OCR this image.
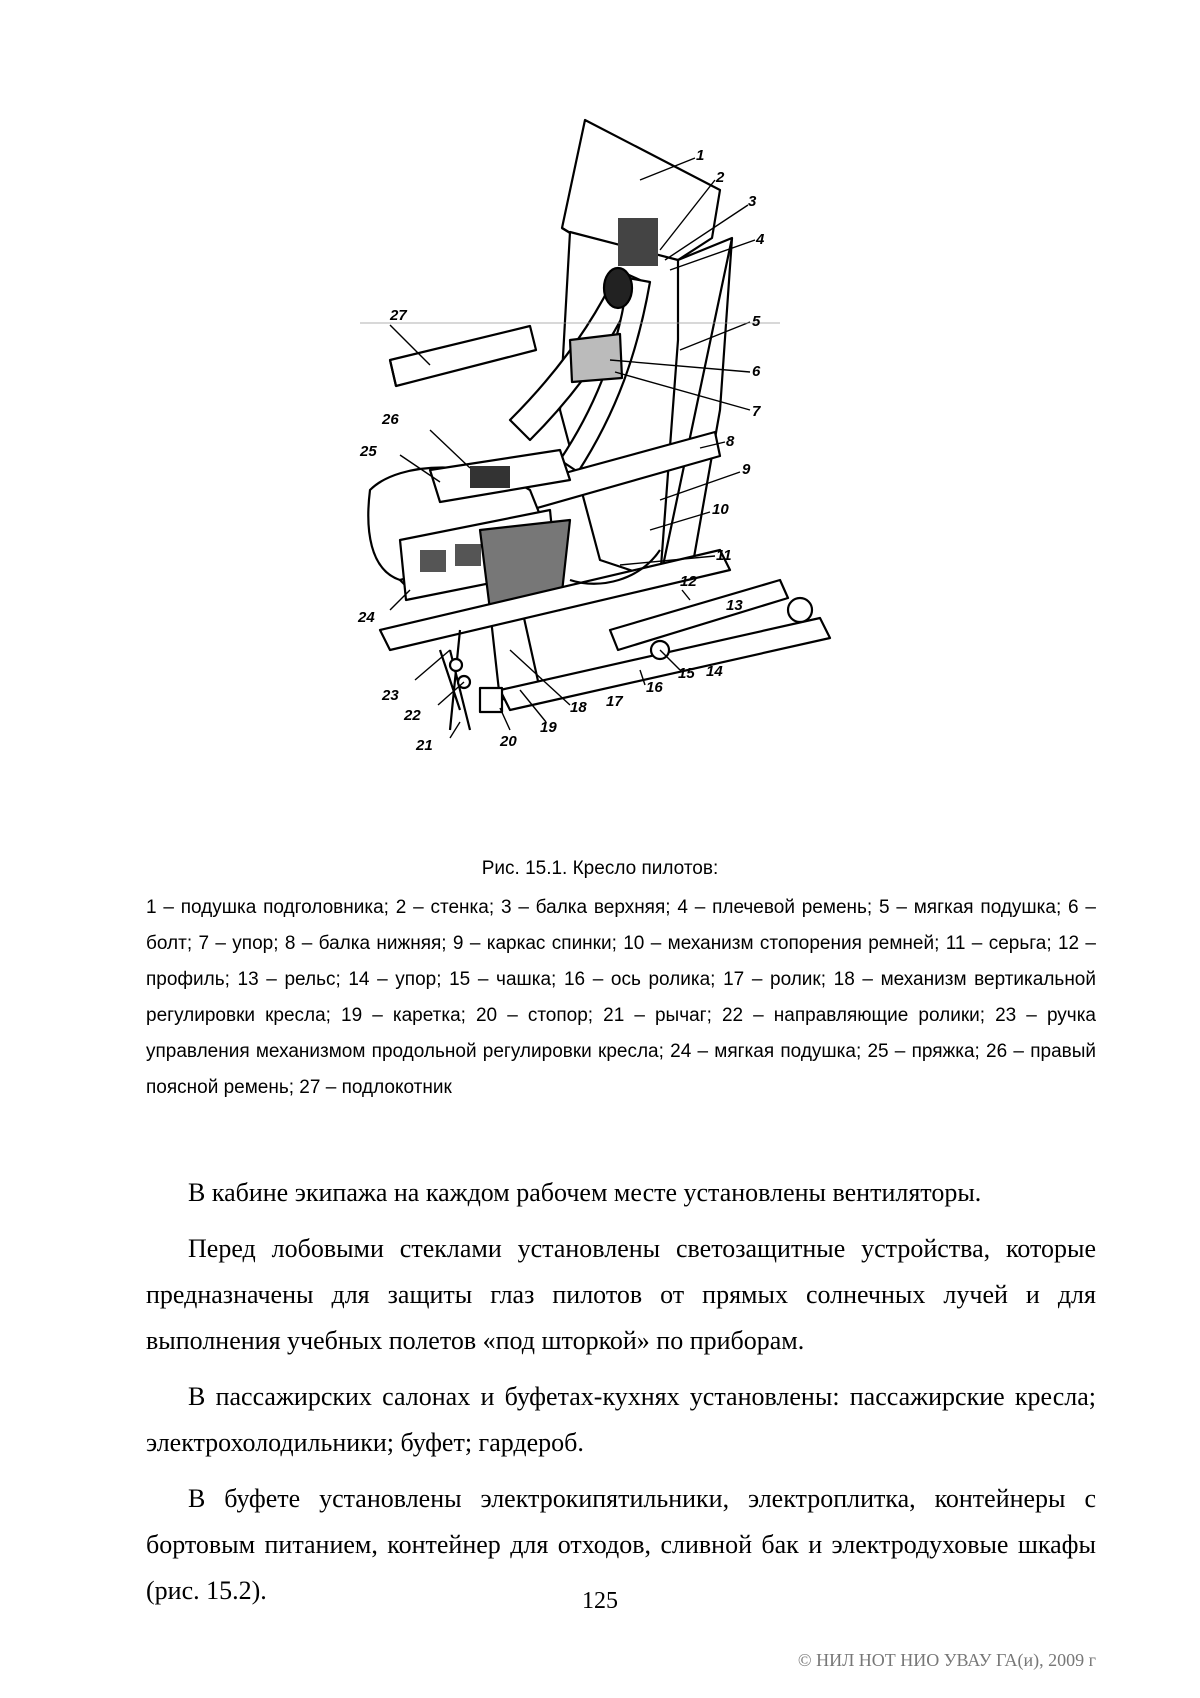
1
2
3
4
5
6
7
8
9
10
11
12
13
14
15
16
17
18
19
20
21
22
23
24
25
26
27
Рис. 15.1. Кресло пилотов:

1 – подушка подголовника; 2 – стенка; 3 – балка верхняя; 4 – плечевой ремень; 5 – мягкая подушка; 6 – болт; 7 – упор; 8 – балка нижняя; 9 – каркас спинки; 10 – механизм стопорения ремней; 11 – серьга; 12 – профиль; 13 – рельс; 14 – упор; 15 – чашка; 16 – ось ролика; 17 – ролик; 18 – механизм вертикальной регулировки кресла; 19 – каретка; 20 – стопор; 21 – рычаг; 22 – направляющие ролики; 23 – ручка управления механизмом продольной регулировки кресла; 24 – мягкая подушка; 25 – пряжка; 26 – правый поясной ремень; 27 – подлокотник

В кабине экипажа на каждом рабочем месте установлены вентиляторы.

Перед лобовыми стеклами установлены светозащитные устройства, которые предназначены для защиты глаз пилотов от прямых солнечных лучей и для выполнения учебных полетов «под шторкой» по приборам.

В пассажирских салонах и буфетах-кухнях установлены: пассажирские кресла; электрохолодильники; буфет; гардероб.

В буфете установлены электрокипятильники, электроплитка, контейнеры с бортовым питанием, контейнер для отходов, сливной бак и электродуховые шкафы (рис. 15.2).	125
© НИЛ НОТ НИО УВАУ ГА(и), 2009 г
